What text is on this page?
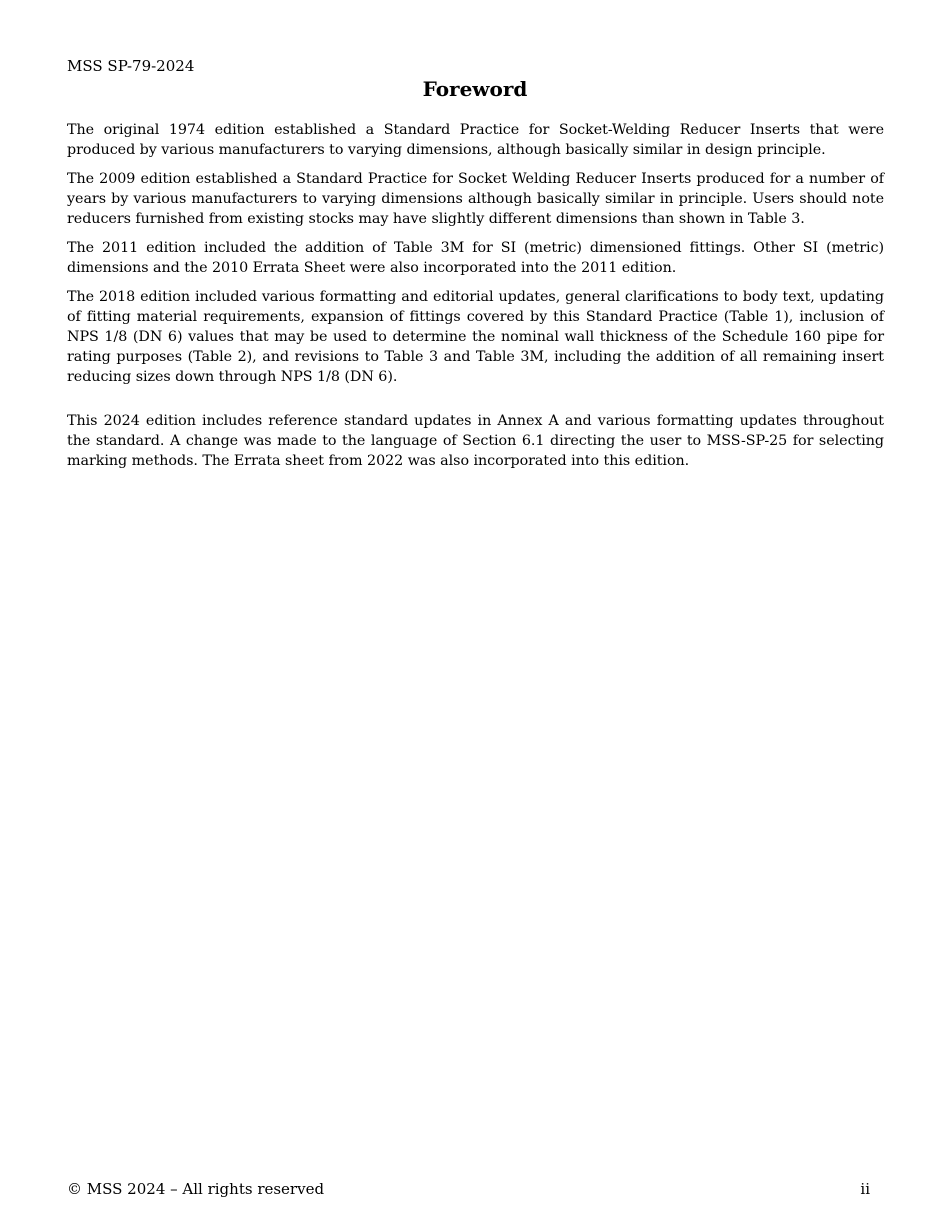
MSS SP-79-2024
Foreword

The original 1974 edition established a Standard Practice for Socket-Welding Reducer Inserts that were produced by various manufacturers to varying dimensions, although basically similar in design principle.

The 2009 edition established a Standard Practice for Socket Welding Reducer Inserts produced for a number of years by various manufacturers to varying dimensions although basically similar in principle. Users should note reducers furnished from existing stocks may have slightly different dimensions than shown in Table 3.

The 2011 edition included the addition of Table 3M for SI (metric) dimensioned fittings. Other SI (metric) dimensions and the 2010 Errata Sheet were also incorporated into the 2011 edition.

The 2018 edition included various formatting and editorial updates, general clarifications to body text, updating of fitting material requirements, expansion of fittings covered by this Standard Practice (Table 1), inclusion of NPS 1/8 (DN 6) values that may be used to determine the nominal wall thickness of the Schedule 160 pipe for rating purposes (Table 2), and revisions to Table 3 and Table 3M, including the addition of all remaining insert reducing sizes down through NPS 1/8 (DN 6).

This 2024 edition includes reference standard updates in Annex A and various formatting updates throughout the standard. A change was made to the language of Section 6.1 directing the user to MSS-SP-25 for selecting marking methods. The Errata sheet from 2022 was also incorporated into this edition.

© MSS 2024 – All rights reserved	ii
